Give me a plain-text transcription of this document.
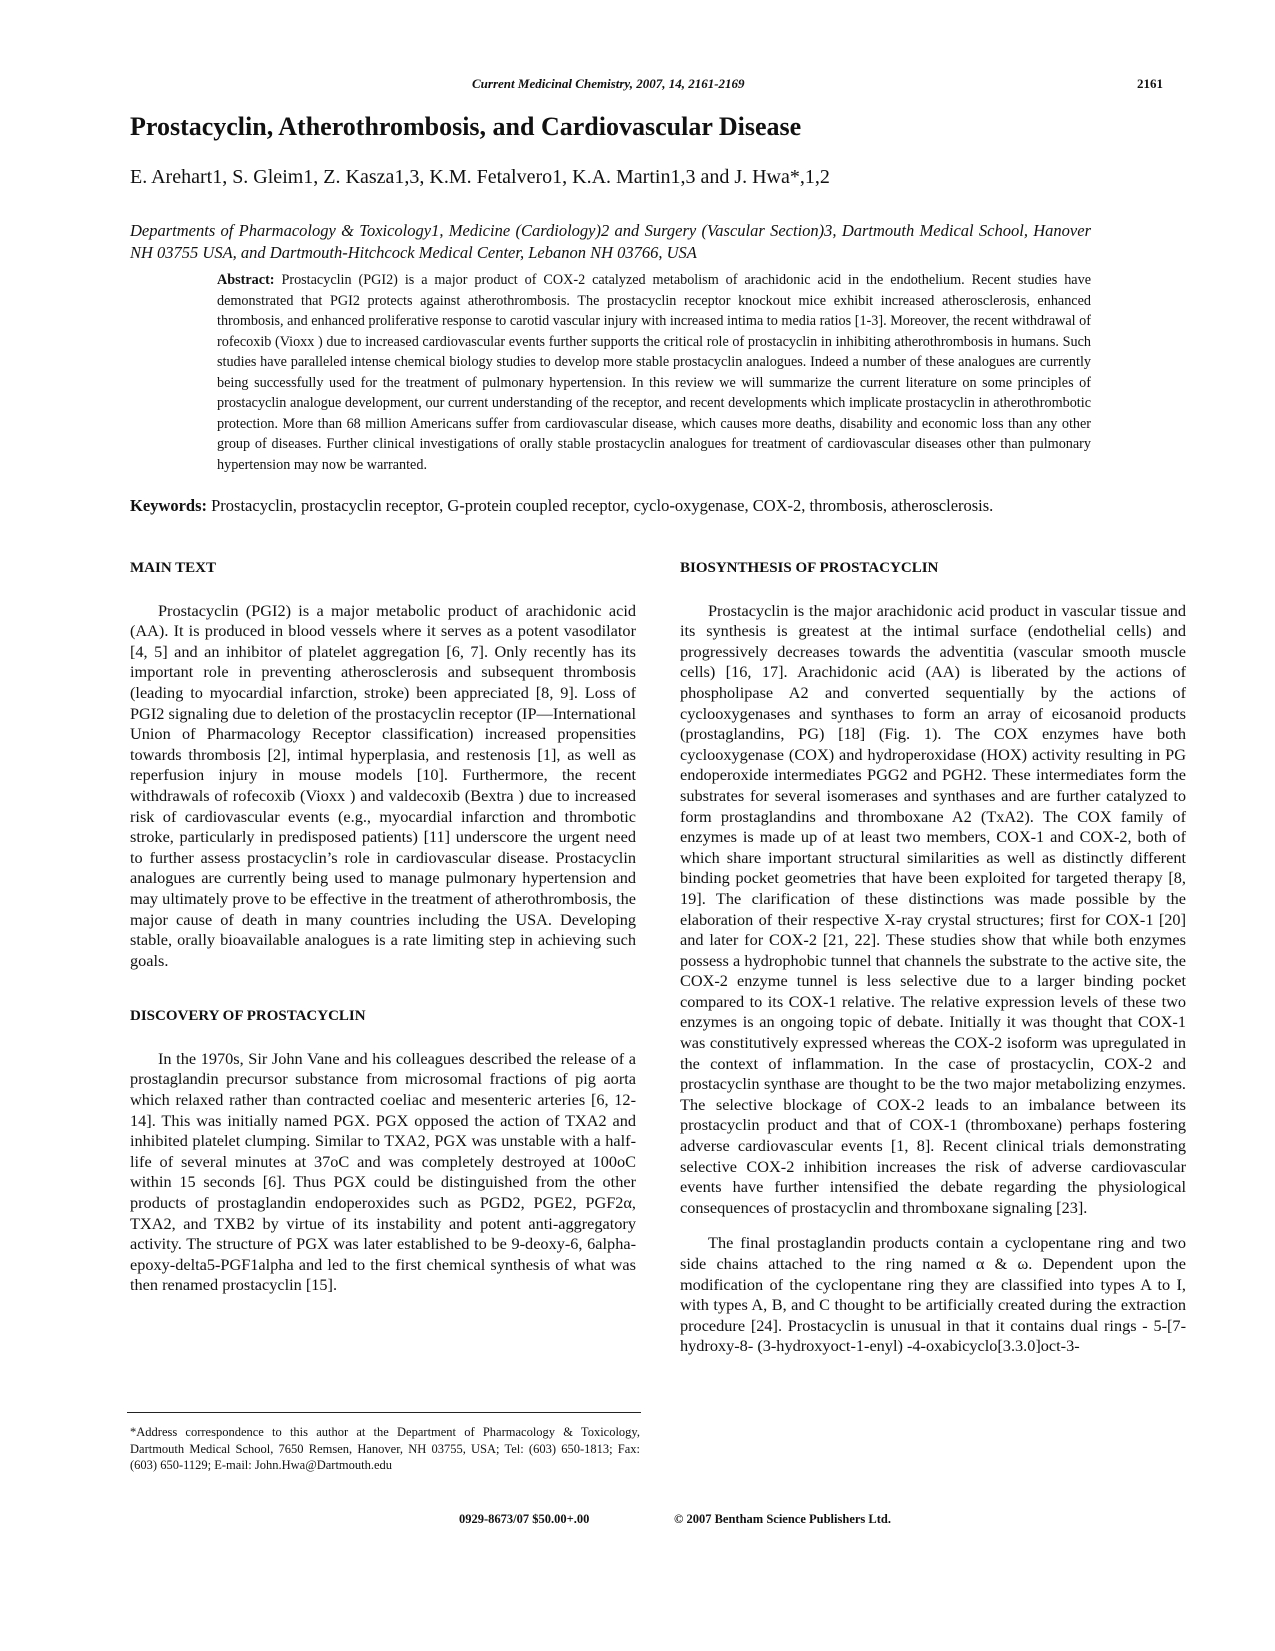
Current Medicinal Chemistry, 2007, 14, 2161-2169	2161
Prostacyclin, Atherothrombosis, and Cardiovascular Disease
E. Arehart1, S. Gleim1, Z. Kasza1,3, K.M. Fetalvero1, K.A. Martin1,3 and J. Hwa*,1,2
Departments of Pharmacology & Toxicology1, Medicine (Cardiology)2 and Surgery (Vascular Section)3, Dartmouth Medical School, Hanover NH 03755 USA, and Dartmouth-Hitchcock Medical Center, Lebanon NH 03766, USA
Abstract: Prostacyclin (PGI2) is a major product of COX-2 catalyzed metabolism of arachidonic acid in the endothelium. Recent studies have demonstrated that PGI2 protects against atherothrombosis. The prostacyclin receptor knockout mice exhibit increased atherosclerosis, enhanced thrombosis, and enhanced proliferative response to carotid vascular injury with increased intima to media ratios [1-3]. Moreover, the recent withdrawal of rofecoxib (Vioxx ) due to increased cardiovascular events further supports the critical role of prostacyclin in inhibiting atherothrombosis in humans. Such studies have paralleled intense chemical biology studies to develop more stable prostacyclin analogues. Indeed a number of these analogues are currently being successfully used for the treatment of pulmonary hypertension. In this review we will summarize the current literature on some principles of prostacyclin analogue development, our current understanding of the receptor, and recent developments which implicate prostacyclin in atherothrombotic protection. More than 68 million Americans suffer from cardiovascular disease, which causes more deaths, disability and economic loss than any other group of diseases. Further clinical investigations of orally stable prostacyclin analogues for treatment of cardiovascular diseases other than pulmonary hypertension may now be warranted.
Keywords: Prostacyclin, prostacyclin receptor, G-protein coupled receptor, cyclo-oxygenase, COX-2, thrombosis, atherosclerosis.
MAIN TEXT

Prostacyclin (PGI2) is a major metabolic product of arachidonic acid (AA). It is produced in blood vessels where it serves as a potent vasodilator [4, 5] and an inhibitor of platelet aggregation [6, 7]. Only recently has its important role in preventing atherosclerosis and subsequent thrombosis (leading to myocardial infarction, stroke) been appreciated [8, 9]. Loss of PGI2 signaling due to deletion of the prostacyclin receptor (IP—International Union of Pharmacology Receptor classification) increased propensities towards thrombosis [2], intimal hyperplasia, and restenosis [1], as well as reperfusion injury in mouse models [10]. Furthermore, the recent withdrawals of rofecoxib (Vioxx ) and valdecoxib (Bextra ) due to increased risk of cardiovascular events (e.g., myocardial infarction and thrombotic stroke, particularly in predisposed patients) [11] underscore the urgent need to further assess prostacyclin’s role in cardiovascular disease. Prostacyclin analogues are currently being used to manage pulmonary hypertension and may ultimately prove to be effective in the treatment of atherothrombosis, the major cause of death in many countries including the USA. Developing stable, orally bioavailable analogues is a rate limiting step in achieving such goals.

DISCOVERY OF PROSTACYCLIN

In the 1970s, Sir John Vane and his colleagues described the release of a prostaglandin precursor substance from microsomal fractions of pig aorta which relaxed rather than contracted coeliac and mesenteric arteries [6, 12-14]. This was initially named PGX. PGX opposed the action of TXA2 and inhibited platelet clumping. Similar to TXA2, PGX was unstable with a half-life of several minutes at 37oC and was completely destroyed at 100oC within 15 seconds [6]. Thus PGX could be distinguished from the other products of prostaglandin endoperoxides such as PGD2, PGE2, PGF2α, TXA2, and TXB2 by virtue of its instability and potent anti-aggregatory activity. The structure of PGX was later established to be 9-deoxy-6, 6alpha-epoxy-delta5-PGF1alpha and led to the first chemical synthesis of what was then renamed prostacyclin [15].

BIOSYNTHESIS OF PROSTACYCLIN

Prostacyclin is the major arachidonic acid product in vascular tissue and its synthesis is greatest at the intimal surface (endothelial cells) and progressively decreases towards the adventitia (vascular smooth muscle cells) [16, 17]. Arachidonic acid (AA) is liberated by the actions of phospholipase A2 and converted sequentially by the actions of cyclooxygenases and synthases to form an array of eicosanoid products (prostaglandins, PG) [18] (Fig. 1). The COX enzymes have both cyclooxygenase (COX) and hydroperoxidase (HOX) activity resulting in PG endoperoxide intermediates PGG2 and PGH2. These intermediates form the substrates for several isomerases and synthases and are further catalyzed to form prostaglandins and thromboxane A2 (TxA2). The COX family of enzymes is made up of at least two members, COX-1 and COX-2, both of which share important structural similarities as well as distinctly different binding pocket geometries that have been exploited for targeted therapy [8, 19]. The clarification of these distinctions was made possible by the elaboration of their respective X-ray crystal structures; first for COX-1 [20] and later for COX-2 [21, 22]. These studies show that while both enzymes possess a hydrophobic tunnel that channels the substrate to the active site, the COX-2 enzyme tunnel is less selective due to a larger binding pocket compared to its COX-1 relative. The relative expression levels of these two enzymes is an ongoing topic of debate. Initially it was thought that COX-1 was constitutively expressed whereas the COX-2 isoform was upregulated in the context of inflammation. In the case of prostacyclin, COX-2 and prostacyclin synthase are thought to be the two major metabolizing enzymes. The selective blockage of COX-2 leads to an imbalance between its prostacyclin product and that of COX-1 (thromboxane) perhaps fostering adverse cardiovascular events [1, 8]. Recent clinical trials demonstrating selective COX-2 inhibition increases the risk of adverse cardiovascular events have further intensified the debate regarding the physiological consequences of prostacyclin and thromboxane signaling [23].

The final prostaglandin products contain a cyclopentane ring and two side chains attached to the ring named α & ω. Dependent upon the modification of the cyclopentane ring they are classified into types A to I, with types A, B, and C thought to be artificially created during the extraction procedure [24]. Prostacyclin is unusual in that it contains dual rings - 5-[7-hydroxy-8- (3-hydroxyoct-1-enyl) -4-oxabicyclo[3.3.0]oct-3-

*Address correspondence to this author at the Department of Pharmacology & Toxicology, Dartmouth Medical School, 7650 Remsen, Hanover, NH 03755, USA; Tel: (603) 650-1813; Fax: (603) 650-1129; E-mail: John.Hwa@Dartmouth.edu
0929-8673/07 $50.00+.00	© 2007 Bentham Science Publishers Ltd.
